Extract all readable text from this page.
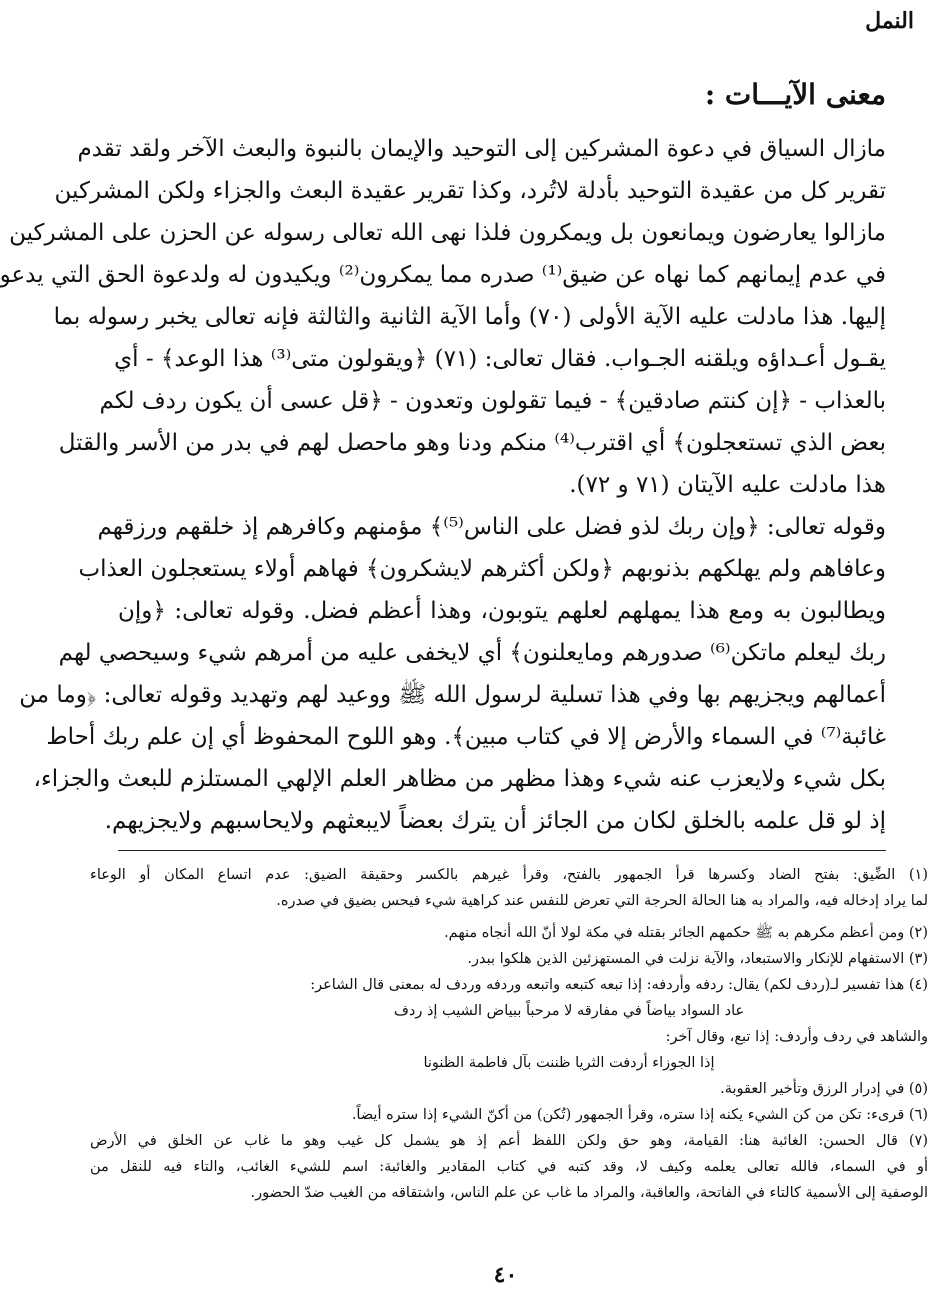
النمل
معنى الآيـــات :
مازال السياق في دعوة المشركين إلى التوحيد والإيمان بالنبوة والبعث الآخر ولقد تقدم
تقرير كل من عقيدة التوحيد بأدلة لاتُرد، وكذا تقرير عقيدة البعث والجزاء ولكن المشركين
مازالوا يعارضون ويمانعون بل ويمكرون فلذا نهى الله تعالى رسوله عن الحزن على المشركين
في عدم إيمانهم كما نهاه عن ضيق⁽¹⁾ صدره مما يمكرون⁽²⁾ ويكيدون له ولدعوة الحق التي يدعو
إليها. هذا مادلت عليه الآية الأولى (٧٠) وأما الآية الثانية والثالثة فإنه تعالى يخبر رسوله بما
يقـول أعـداؤه ويلقنه الجـواب. فقال تعالى: (٧١) ﴿ويقولون متى⁽³⁾ هذا الوعد﴾ - أي
بالعذاب - ﴿إن كنتم صادقين﴾ - فيما تقولون وتعدون - ﴿قل عسى أن يكون ردف لكم
بعض الذي تستعجلون﴾ أي اقترب⁽⁴⁾ منكم ودنا وهو ماحصل لهم في بدر من الأسر والقتل
هذا مادلت عليه الآيتان (٧١ و ٧٢).
وقوله تعالى: ﴿وإن ربك لذو فضل على الناس⁽⁵⁾﴾ مؤمنهم وكافرهم إذ خلقهم ورزقهم
وعافاهم ولم يهلكهم بذنوبهم ﴿ولكن أكثرهم لايشكرون﴾ فهاهم أولاء يستعجلون العذاب
ويطالبون به ومع هذا يمهلهم لعلهم يتوبون، وهذا أعظم فضل. وقوله تعالى: ﴿وإن
ربك ليعلم ماتكن⁽⁶⁾ صدورهم ومايعلنون﴾ أي لايخفى عليه من أمرهم شيء وسيحصي لهم
أعمالهم ويجزيهم بها وفي هذا تسلية لرسول الله ﷺ ووعيد لهم وتهديد وقوله تعالى: ﴿وما من
غائبة⁽⁷⁾ في السماء والأرض إلا في كتاب مبين﴾. وهو اللوح المحفوظ أي إن علم ربك أحاط
بكل شيء ولايعزب عنه شيء وهذا مظهر من مظاهر العلم الإلهي المستلزم للبعث والجزاء،
إذ لو قل علمه بالخلق لكان من الجائز أن يترك بعضاً لايبعثهم ولايحاسبهم ولايجزيهم.
(١) الضِّيق: بفتح الضاد وكسرها قرأ الجمهور بالفتح، وقرأ غيرهم بالكسر وحقيقة الضيق: عدم اتساع المكان أو الوعاء
لما يراد إدخاله فيه، والمراد به هنا الحالة الحرجة التي تعرض للنفس عند كراهية شيء فيحس بضيق في صدره.
(٢) ومن أعظم مكرهم به ﷺ حكمهم الجائر بقتله في مكة لولا أنّ الله أنجاه منهم.
(٣) الاستفهام للإنكار والاستبعاد، والآية نزلت في المستهزئين الذين هلكوا ببدر.
(٤) هذا تفسير لـ(ردف لكم) يقال: ردفه وأردفه: إذا تبعه كتبعه واتبعه وردفه وردف له بمعنى قال الشاعر:
عاد السواد بياضاً في مفارقه لا مرحباً ببياض الشيب إذ ردف
والشاهد في ردف وأردف: إذا تبع، وقال آخر:
إذا الجوزاء أردفت الثريا ظننت بآل فاطمة الظنونا
(٥) في إدرار الرزق وتأخير العقوبة.
(٦) قرىء: تكن من كن الشيء يكنه إذا ستره، وقرأ الجمهور (تُكن) من أكنّ الشيء إذا ستره أيضاً.
(٧) قال الحسن: الغائبة هنا: القيامة، وهو حق ولكن اللفظ أعم إذ هو يشمل كل غيب وهو ما غاب عن الخلق في الأرض
أو في السماء، فالله تعالى يعلمه وكيف لا، وقد كتبه في كتاب المقادير والغائبة: اسم للشيء الغائب، والتاء فيه للنقل من
الوصفية إلى الأسمية كالتاء في الفاتحة، والعاقبة، والمراد ما غاب عن علم الناس، واشتقاقه من الغيب ضدّ الحضور.
٤٠
